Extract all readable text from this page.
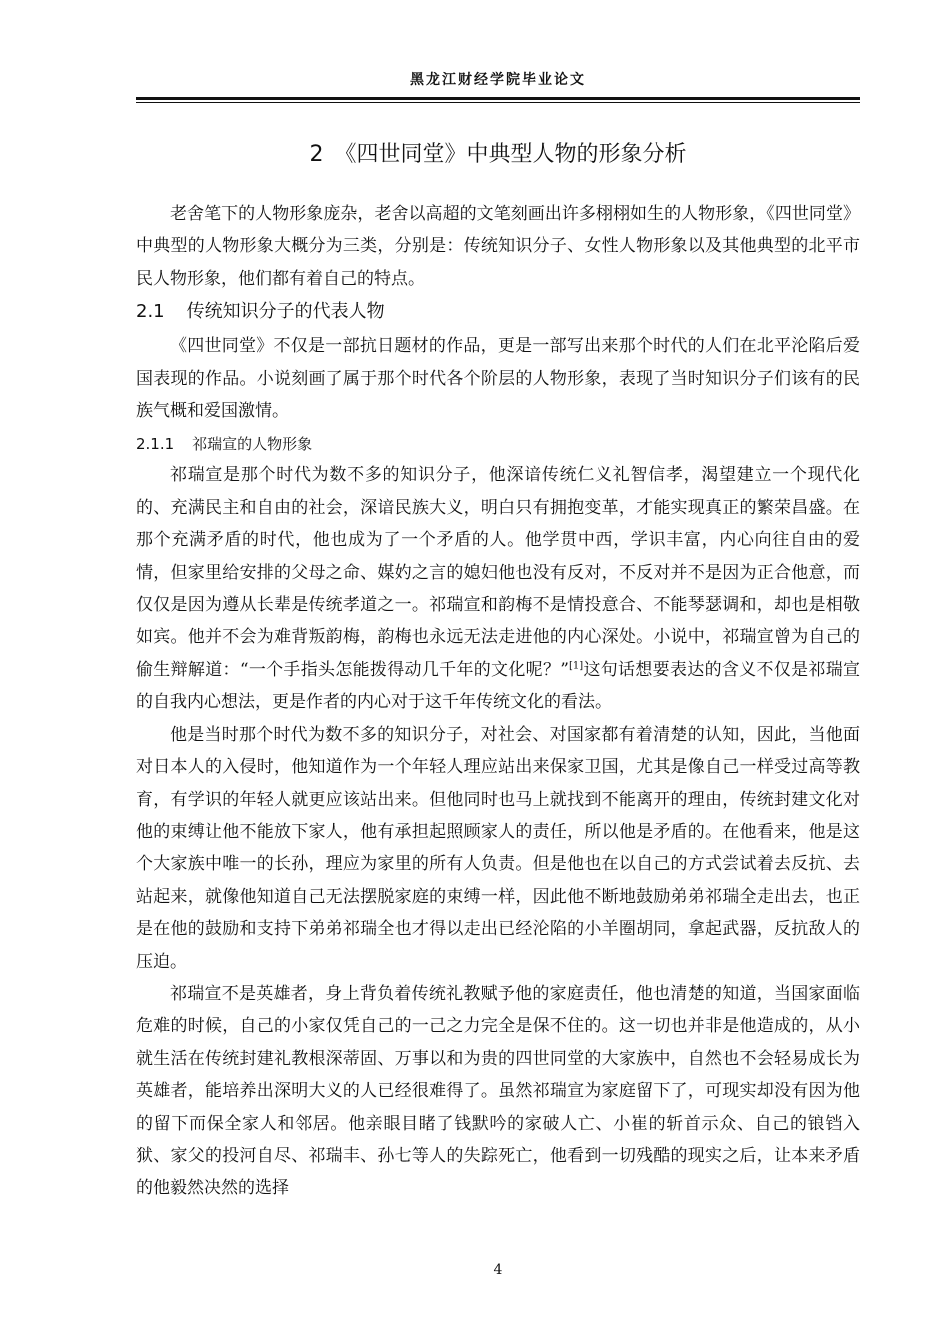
黑龙江财经学院毕业论文
2　《四世同堂》中典型人物的形象分析

老舍笔下的人物形象庞杂，老舍以高超的文笔刻画出许多栩栩如生的人物形象，《四世同堂》中典型的人物形象大概分为三类，分别是：传统知识分子、女性人物形象以及其他典型的北平市民人物形象，他们都有着自己的特点。

2.1 传统知识分子的代表人物

《四世同堂》不仅是一部抗日题材的作品，更是一部写出来那个时代的人们在北平沦陷后爱国表现的作品。小说刻画了属于那个时代各个阶层的人物形象，表现了当时知识分子们该有的民族气概和爱国激情。

2.1.1 祁瑞宣的人物形象

祁瑞宣是那个时代为数不多的知识分子，他深谙传统仁义礼智信孝，渴望建立一个现代化的、充满民主和自由的社会，深谙民族大义，明白只有拥抱变革，才能实现真正的繁荣昌盛。在那个充满矛盾的时代，他也成为了一个矛盾的人。他学贯中西，学识丰富，内心向往自由的爱情，但家里给安排的父母之命、媒妁之言的媳妇他也没有反对，不反对并不是因为正合他意，而仅仅是因为遵从长辈是传统孝道之一。祁瑞宣和韵梅不是情投意合、不能琴瑟调和，却也是相敬如宾。他并不会为难背叛韵梅，韵梅也永远无法走进他的内心深处。小说中，祁瑞宣曾为自己的偷生辩解道：“一个手指头怎能拨得动几千年的文化呢？”[1]这句话想要表达的含义不仅是祁瑞宣的自我内心想法，更是作者的内心对于这千年传统文化的看法。

他是当时那个时代为数不多的知识分子，对社会、对国家都有着清楚的认知，因此，当他面对日本人的入侵时，他知道作为一个年轻人理应站出来保家卫国，尤其是像自己一样受过高等教育，有学识的年轻人就更应该站出来。但他同时也马上就找到不能离开的理由，传统封建文化对他的束缚让他不能放下家人，他有承担起照顾家人的责任，所以他是矛盾的。在他看来，他是这个大家族中唯一的长孙，理应为家里的所有人负责。但是他也在以自己的方式尝试着去反抗、去站起来，就像他知道自己无法摆脱家庭的束缚一样，因此他不断地鼓励弟弟祁瑞全走出去，也正是在他的鼓励和支持下弟弟祁瑞全也才得以走出已经沦陷的小羊圈胡同，拿起武器，反抗敌人的压迫。

祁瑞宣不是英雄者，身上背负着传统礼教赋予他的家庭责任，他也清楚的知道，当国家面临危难的时候，自己的小家仅凭自己的一己之力完全是保不住的。这一切也并非是他造成的，从小就生活在传统封建礼教根深蒂固、万事以和为贵的四世同堂的大家族中，自然也不会轻易成长为英雄者，能培养出深明大义的人已经很难得了。虽然祁瑞宣为家庭留下了，可现实却没有因为他的留下而保全家人和邻居。他亲眼目睹了钱默吟的家破人亡、小崔的斩首示众、自己的锒铛入狱、家父的投河自尽、祁瑞丰、孙七等人的失踪死亡，他看到一切残酷的现实之后，让本来矛盾的他毅然决然的选择

4
